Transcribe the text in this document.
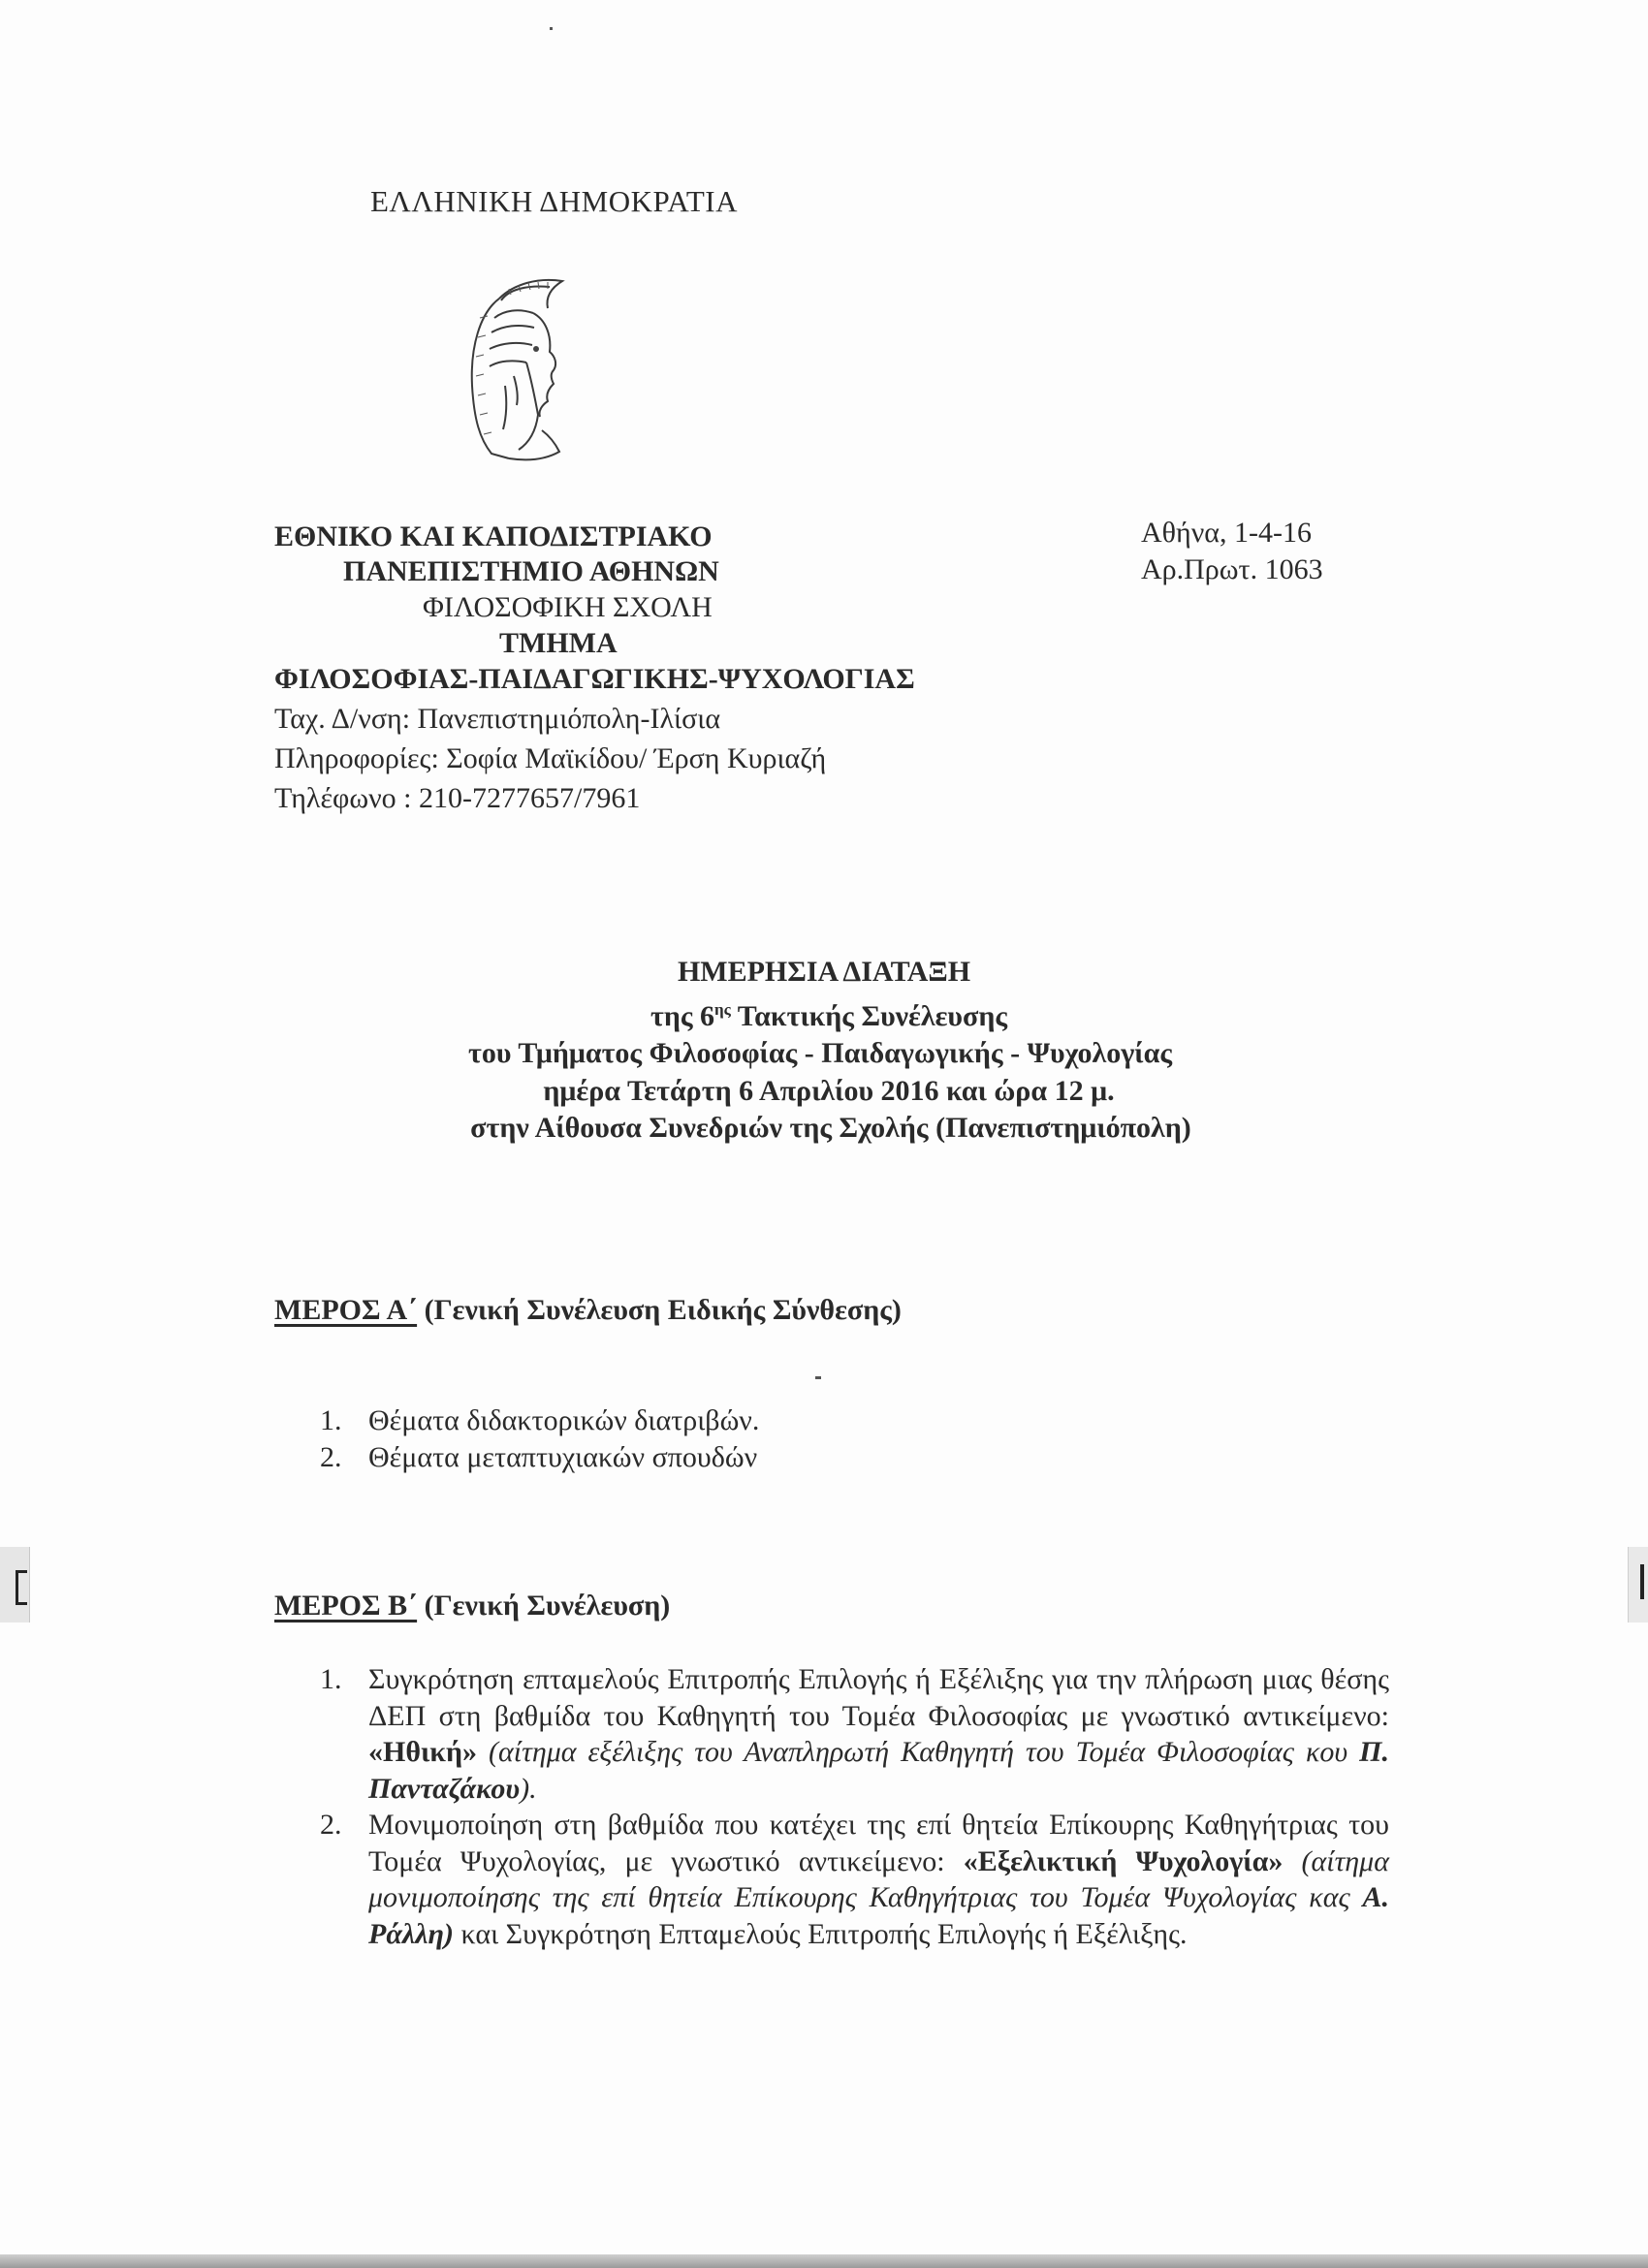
ΕΛΛΗΝΙΚΗ ΔΗΜΟΚΡΑΤΙΑ
ΕΘΝΙΚΟ ΚΑΙ ΚΑΠΟΔΙΣΤΡΙΑΚΟ
ΠΑΝΕΠΙΣΤΗΜΙΟ ΑΘΗΝΩΝ
ΦΙΛΟΣΟΦΙΚΗ ΣΧΟΛΗ
ΤΜΗΜΑ
ΦΙΛΟΣΟΦΙΑΣ-ΠΑΙΔΑΓΩΓΙΚΗΣ-ΨΥΧΟΛΟΓΙΑΣ
Ταχ. Δ/νση: Πανεπιστημιόπολη-Ιλίσια
Πληροφορίες: Σοφία Μαϊκίδου/ Έρση Κυριαζή
Τηλέφωνο : 210-7277657/7961
Αθήνα, 1-4-16
Αρ.Πρωτ. 1063
ΗΜΕΡΗΣΙΑ ΔΙΑΤΑΞΗ
της $6^{\eta\varsigma}$ Τακτικής Συνέλευσης
του Τμήματος Φιλοσοφίας - Παιδαγωγικής - Ψυχολογίας
ημέρα Τετάρτη 6 Απριλίου 2016 και ώρα 12 μ.
στην Αίθουσα Συνεδριών της Σχολής (Πανεπιστημιόπολη)
ΜΕΡΟΣ Α΄ (Γενική Συνέλευση Ειδικής Σύνθεσης)
1. Θέματα διδακτορικών διατριβών.
2. Θέματα μεταπτυχιακών σπουδών
ΜΕΡΟΣ Β΄ (Γενική Συνέλευση)
1. Συγκρότηση επταμελούς Επιτροπής Επιλογής ή Εξέλιξης για την πλήρωση μιας θέσης ΔΕΠ στη βαθμίδα του Καθηγητή του Τομέα Φιλοσοφίας με γνωστικό αντικείμενο: «Ηθική» (αίτημα εξέλιξης του Αναπληρωτή Καθηγητή του Τομέα Φιλοσοφίας κου Π. Πανταζάκου).
2. Μονιμοποίηση στη βαθμίδα που κατέχει της επί θητεία Επίκουρης Καθηγήτριας του Τομέα Ψυχολογίας, με γνωστικό αντικείμενο: «Εξελικτική Ψυχολογία» (αίτημα μονιμοποίησης της επί θητεία Επίκουρης Καθηγήτριας του Τομέα Ψυχολογίας κας Α. Ράλλη) και Συγκρότηση Επταμελούς Επιτροπής Επιλογής ή Εξέλιξης.
